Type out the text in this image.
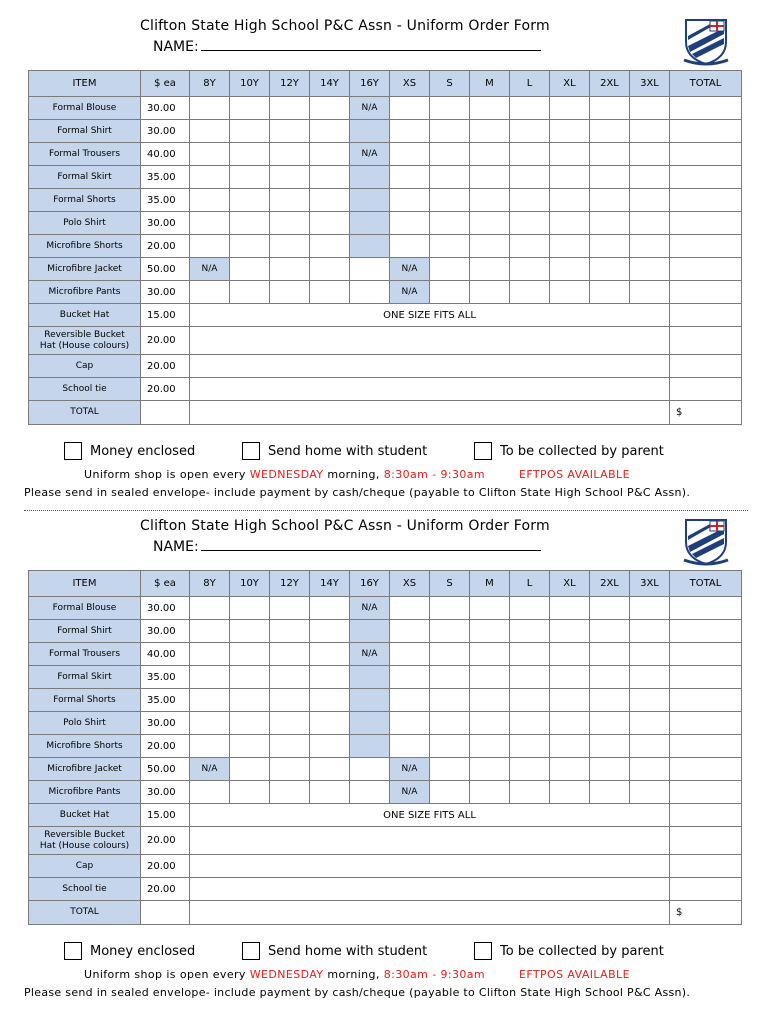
Clifton State High School P&C Assn - Uniform Order Form
NAME:
ITEM	$ ea	8Y	10Y	12Y	14Y	16Y	XS	S	M	L	XL	2XL	3XL	TOTAL
Formal Blouse	30.00					N/A								
Formal Shirt	30.00													
Formal Trousers	40.00					N/A								
Formal Skirt	35.00													
Formal Shorts	35.00													
Polo Shirt	30.00													
Microfibre Shorts	20.00													
Microfibre Jacket	50.00	N/A					N/A							
Microfibre Pants	30.00						N/A							
Bucket Hat	15.00	ONE SIZE FITS ALL												
Reversible Bucket
Hat (House colours)	20.00													
Cap	20.00													
School tie	20.00													
TOTAL														$
Money enclosed	Send home with student	To be collected by parent
Uniform shop is open every WEDNESDAY morning, 8:30am - 9:30am	EFTPOS AVAILABLE
Please send in sealed envelope- include payment by cash/cheque (payable to Clifton State High School P&C Assn).
Clifton State High School P&C Assn - Uniform Order Form
NAME:
ITEM	$ ea	8Y	10Y	12Y	14Y	16Y	XS	S	M	L	XL	2XL	3XL	TOTAL
Formal Blouse	30.00					N/A								
Formal Shirt	30.00													
Formal Trousers	40.00					N/A								
Formal Skirt	35.00													
Formal Shorts	35.00													
Polo Shirt	30.00													
Microfibre Shorts	20.00													
Microfibre Jacket	50.00	N/A					N/A							
Microfibre Pants	30.00						N/A							
Bucket Hat	15.00	ONE SIZE FITS ALL												
Reversible Bucket
Hat (House colours)	20.00													
Cap	20.00													
School tie	20.00													
TOTAL														$
Money enclosed	Send home with student	To be collected by parent
Uniform shop is open every WEDNESDAY morning, 8:30am - 9:30am	EFTPOS AVAILABLE
Please send in sealed envelope- include payment by cash/cheque (payable to Clifton State High School P&C Assn).
